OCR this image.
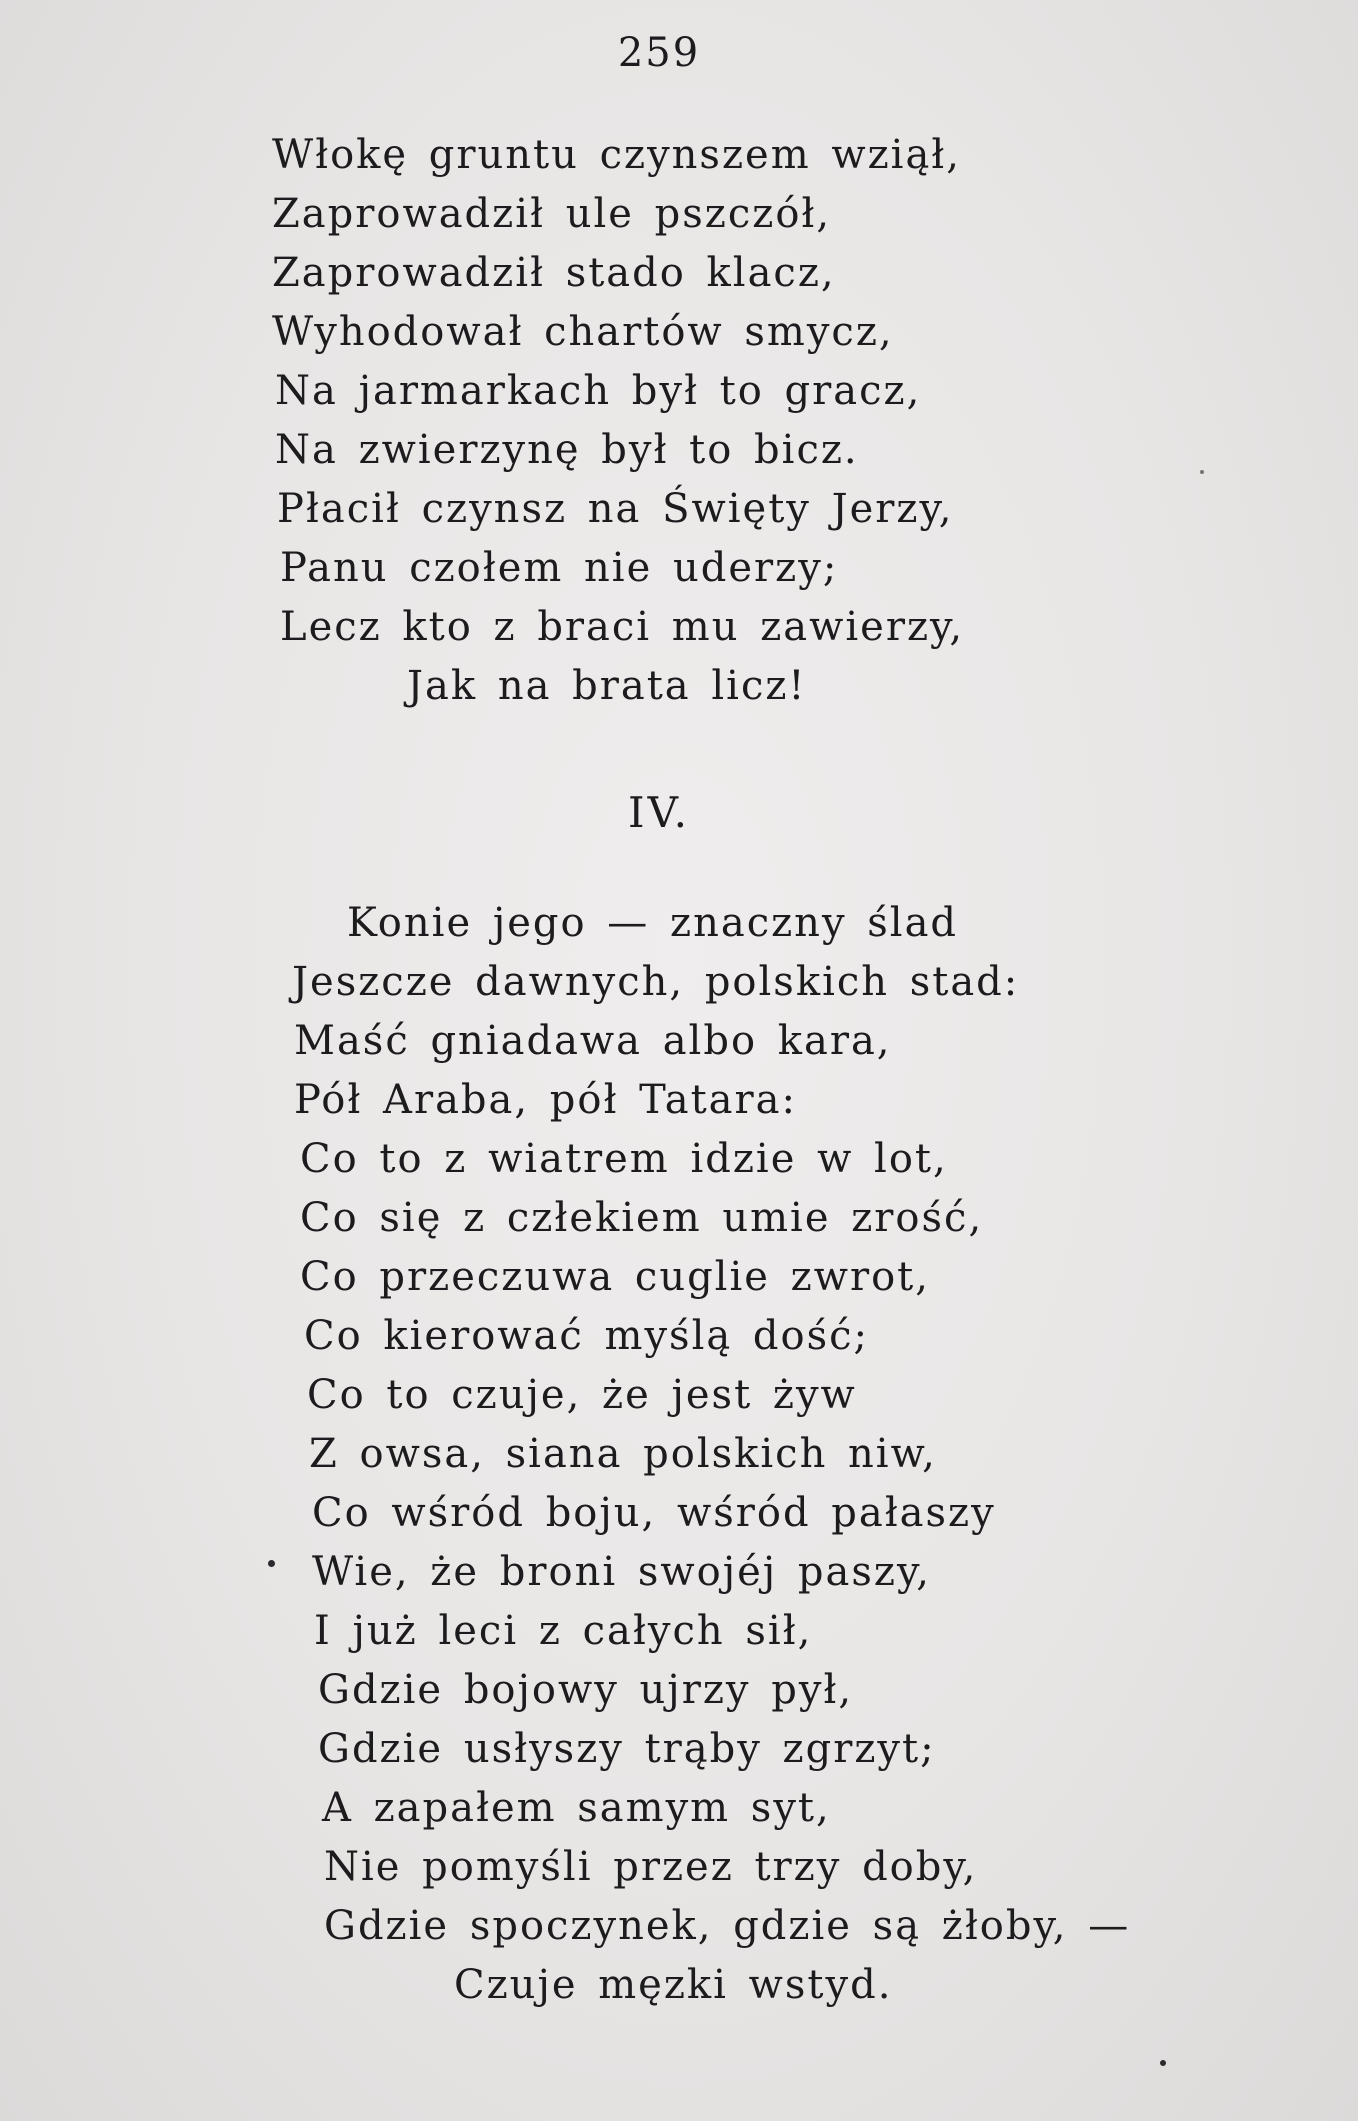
259
Włokę gruntu czynszem wziął,
Zaprowadził ule pszczół,
Zaprowadził stado klacz,
Wyhodował chartów smycz,
Na jarmarkach był to gracz,
Na zwierzynę był to bicz.
Płacił czynsz na Święty Jerzy,
Panu czołem nie uderzy;
Lecz kto z braci mu zawierzy,
Jak na brata licz!
IV.
Konie jego — znaczny ślad
Jeszcze dawnych, polskich stad:
Maść gniadawa albo kara,
Pół Araba, pół Tatara:
Co to z wiatrem idzie w lot,
Co się z człekiem umie zrość,
Co przeczuwa cuglie zwrot,
Co kierować myślą dość;
Co to czuje, że jest żyw
Z owsa, siana polskich niw,
Co wśród boju, wśród pałaszy
Wie, że broni swojéj paszy,
I już leci z całych sił,
Gdzie bojowy ujrzy pył,
Gdzie usłyszy trąby zgrzyt;
A zapałem samym syt,
Nie pomyśli przez trzy doby,
Gdzie spoczynek, gdzie są żłoby, —
Czuje męzki wstyd.
